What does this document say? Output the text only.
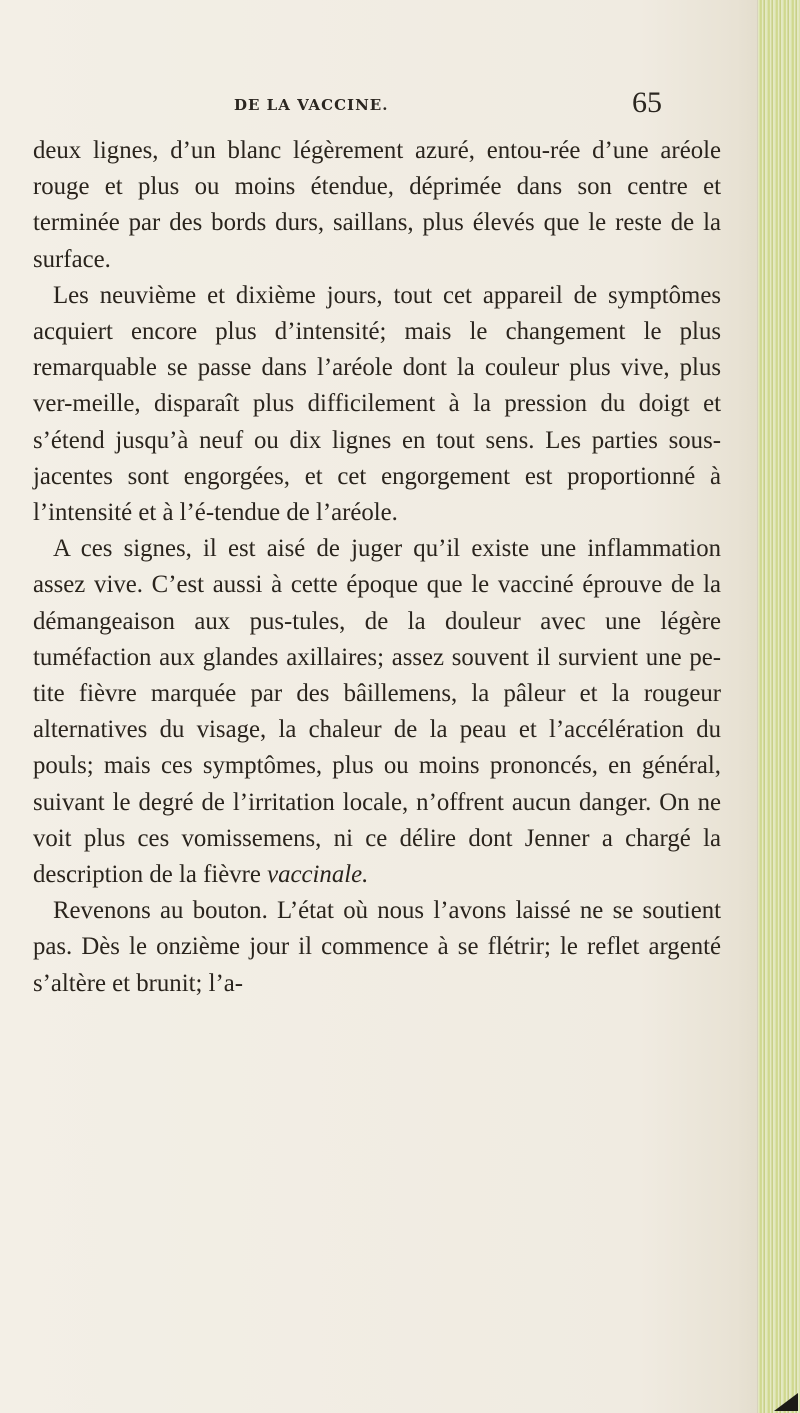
DE LA VACCINE.	65

deux lignes, d’un blanc légèrement azuré, entou-rée d’une aréole rouge et plus ou moins étendue, déprimée dans son centre et terminée par des bords durs, saillans, plus élevés que le reste de la surface.

Les neuvième et dixième jours, tout cet appareil de symptômes acquiert encore plus d’intensité; mais le changement le plus remarquable se passe dans l’aréole dont la couleur plus vive, plus ver-meille, disparaît plus difficilement à la pression du doigt et s’étend jusqu’à neuf ou dix lignes en tout sens. Les parties sous-jacentes sont engorgées, et cet engorgement est proportionné à l’intensité et à l’é-tendue de l’aréole.

A ces signes, il est aisé de juger qu’il existe une inflammation assez vive. C’est aussi à cette époque que le vacciné éprouve de la démangeaison aux pus-tules, de la douleur avec une légère tuméfaction aux glandes axillaires; assez souvent il survient une pe-tite fièvre marquée par des bâillemens, la pâleur et la rougeur alternatives du visage, la chaleur de la peau et l’accélération du pouls; mais ces symptômes, plus ou moins prononcés, en général, suivant le degré de l’irritation locale, n’offrent aucun danger. On ne voit plus ces vomissemens, ni ce délire dont Jenner a chargé la description de la fièvre vaccinale.

Revenons au bouton. L’état où nous l’avons laissé ne se soutient pas. Dès le onzième jour il commence à se flétrir; le reflet argenté s’altère et brunit; l’a-
